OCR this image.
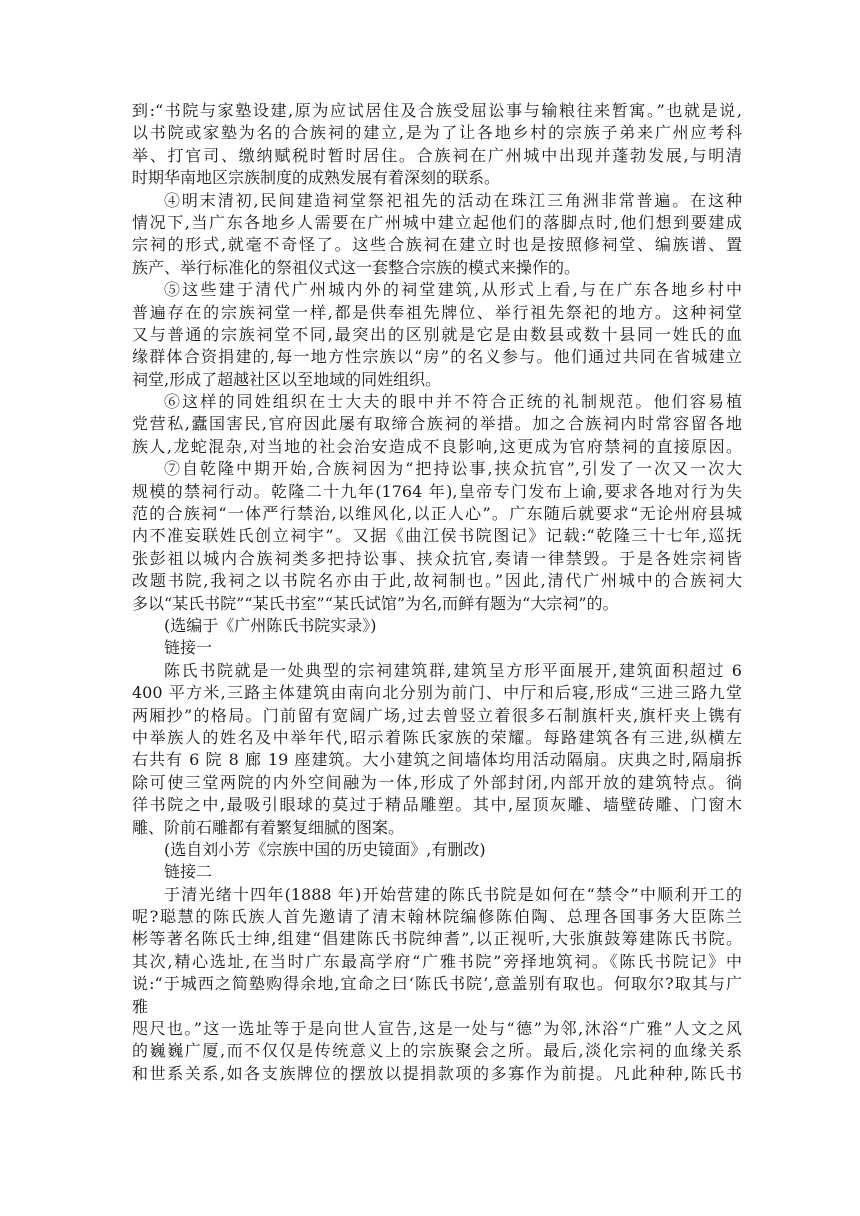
到:“书院与家塾设建,原为应试居住及合族受屈讼事与输粮往来暂寓。”也就是说,
以书院或家塾为名的合族祠的建立,是为了让各地乡村的宗族子弟来广州应考科
举、打官司、缴纳赋税时暂时居住。合族祠在广州城中出现并蓬勃发展,与明清
时期华南地区宗族制度的成熟发展有着深刻的联系。
④明末清初,民间建造祠堂祭祀祖先的活动在珠江三角洲非常普遍。在这种
情况下,当广东各地乡人需要在广州城中建立起他们的落脚点时,他们想到要建成
宗祠的形式,就毫不奇怪了。这些合族祠在建立时也是按照修祠堂、编族谱、置
族产、举行标准化的祭祖仪式这一套整合宗族的模式来操作的。
⑤这些建于清代广州城内外的祠堂建筑,从形式上看,与在广东各地乡村中
普遍存在的宗族祠堂一样,都是供奉祖先牌位、举行祖先祭祀的地方。这种祠堂
又与普通的宗族祠堂不同,最突出的区别就是它是由数县或数十县同一姓氏的血
缘群体合资捐建的,每一地方性宗族以“房”的名义参与。他们通过共同在省城建立
祠堂,形成了超越社区以至地域的同姓组织。
⑥这样的同姓组织在士大夫的眼中并不符合正统的礼制规范。他们容易植
党营私,蠹国害民,官府因此屡有取缔合族祠的举措。加之合族祠内时常容留各地
族人,龙蛇混杂,对当地的社会治安造成不良影响,这更成为官府禁祠的直接原因。
⑦自乾隆中期开始,合族祠因为“把持讼事,挟众抗官”,引发了一次又一次大
规模的禁祠行动。乾隆二十九年(1764 年),皇帝专门发布上谕,要求各地对行为失
范的合族祠“一体严行禁治,以维风化,以正人心”。广东随后就要求“无论州府县城
内不准妄联姓氏创立祠宇”。又据《曲江侯书院图记》记载:“乾隆三十七年,巡抚
张彭祖以城内合族祠类多把持讼事、挟众抗官,奏请一律禁毁。于是各姓宗祠皆
改题书院,我祠之以书院名亦由于此,故祠制也。”因此,清代广州城中的合族祠大
多以“某氏书院”“某氏书室”“某氏试馆”为名,而鲜有题为“大宗祠”的。
(选编于《广州陈氏书院实录》)
链接一
陈氏书院就是一处典型的宗祠建筑群,建筑呈方形平面展开,建筑面积超过 6
400 平方米,三路主体建筑由南向北分别为前门、中厅和后寝,形成“三进三路九堂
两厢抄”的格局。门前留有宽阔广场,过去曾竖立着很多石制旗杆夹,旗杆夹上镌有
中举族人的姓名及中举年代,昭示着陈氏家族的荣耀。每路建筑各有三进,纵横左
右共有 6 院 8 廊 19 座建筑。大小建筑之间墙体均用活动隔扇。庆典之时,隔扇拆
除可使三堂两院的内外空间融为一体,形成了外部封闭,内部开放的建筑特点。徜
徉书院之中,最吸引眼球的莫过于精品雕塑。其中,屋顶灰雕、墙壁砖雕、门窗木
雕、阶前石雕都有着繁复细腻的图案。
(选自刘小芳《宗族中国的历史镜面》,有删改)
链接二
于清光绪十四年(1888 年)开始营建的陈氏书院是如何在“禁令”中顺利开工的
呢?聪慧的陈氏族人首先邀请了清末翰林院编修陈伯陶、总理各国事务大臣陈兰
彬等著名陈氏士绅,组建“倡建陈氏书院绅耆”,以正视听,大张旗鼓筹建陈氏书院。
其次,精心选址,在当时广东最高学府“广雅书院”旁择地筑祠。《陈氏书院记》中
说:“于城西之简塾购得余地,宜命之曰‘陈氏书院’,意盖别有取也。何取尔?取其与广
雅
咫尺也。”这一选址等于是向世人宣告,这是一处与“德”为邻,沐浴“广雅”人文之风
的巍巍广厦,而不仅仅是传统意义上的宗族聚会之所。最后,淡化宗祠的血缘关系
和世系关系,如各支族牌位的摆放以提捐款项的多寡作为前提。凡此种种,陈氏书
